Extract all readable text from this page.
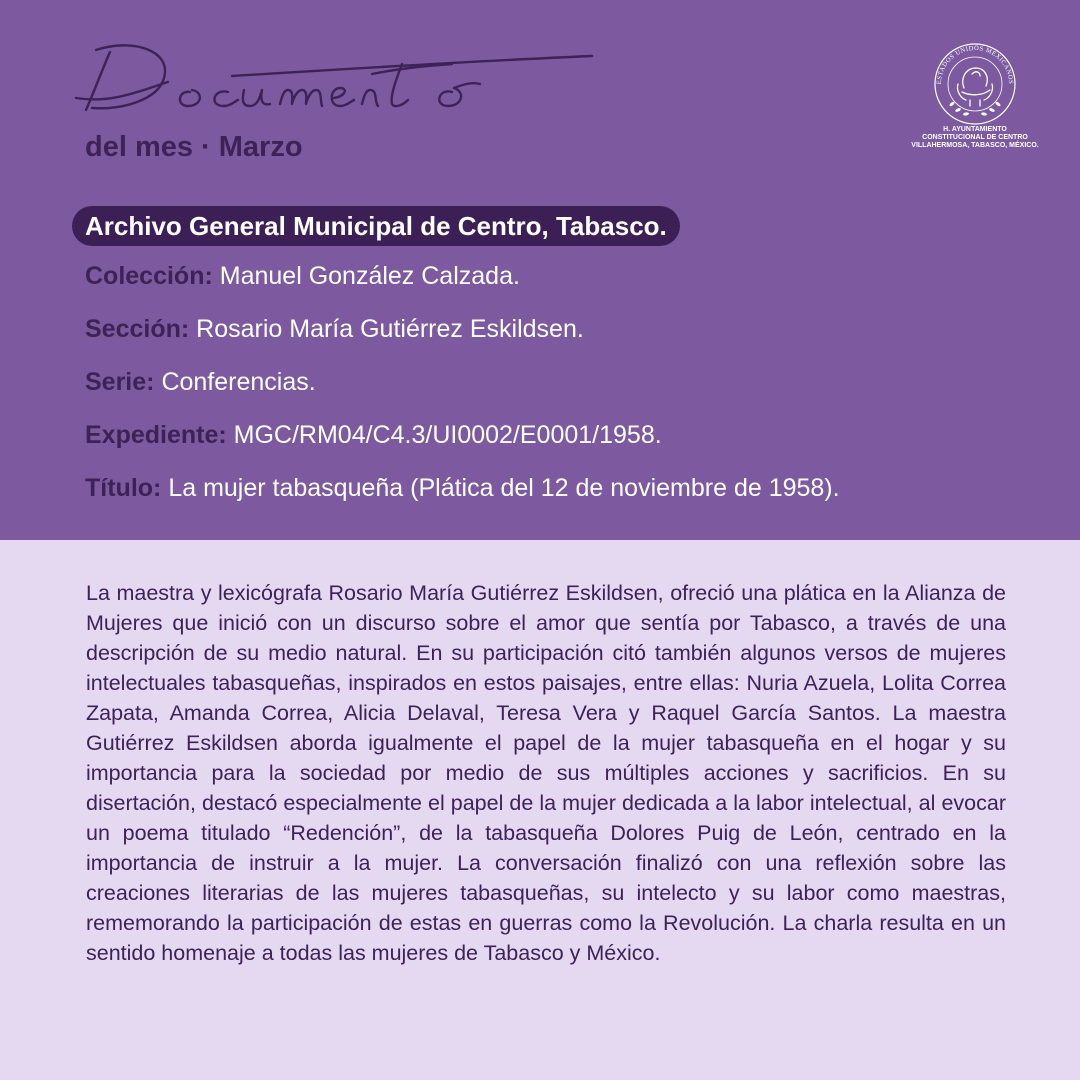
del mes · Marzo
ESTADOS UNIDOS MEXICANOS
H. AYUNTAMIENTO
CONSTITUCIONAL DE CENTRO
VILLAHERMOSA, TABASCO, MÉXICO.
Archivo General Municipal de Centro, Tabasco.
Colección: Manuel González Calzada.
Sección: Rosario María Gutiérrez Eskildsen.
Serie: Conferencias.
Expediente: MGC/RM04/C4.3/UI0002/E0001/1958.
Título: La mujer tabasqueña (Plática del 12 de noviembre de 1958).
La maestra y lexicógrafa Rosario María Gutiérrez Eskildsen, ofreció una plática en la Alianza de Mujeres que inició con un discurso sobre el amor que sentía por Tabasco, a través de una descripción de su medio natural. En su participación citó también algunos versos de mujeres intelectuales tabasqueñas, inspirados en estos paisajes, entre ellas: Nuria Azuela, Lolita Correa Zapata, Amanda Correa, Alicia Delaval, Teresa Vera y Raquel García Santos. La maestra Gutiérrez Eskildsen aborda igualmente el papel de la mujer tabasqueña en el hogar y su importancia para la sociedad por medio de sus múltiples acciones y sacrificios. En su disertación, destacó especialmente el papel de la mujer dedicada a la labor intelectual, al evocar un poema titulado “Redención”, de la tabasqueña Dolores Puig de León, centrado en la importancia de instruir a la mujer. La conversación finalizó con una reflexión sobre las creaciones literarias de las mujeres tabasqueñas, su intelecto y su labor como maestras, rememorando la participación de estas en guerras como la Revolución. La charla resulta en un sentido homenaje a todas las mujeres de Tabasco y México.
